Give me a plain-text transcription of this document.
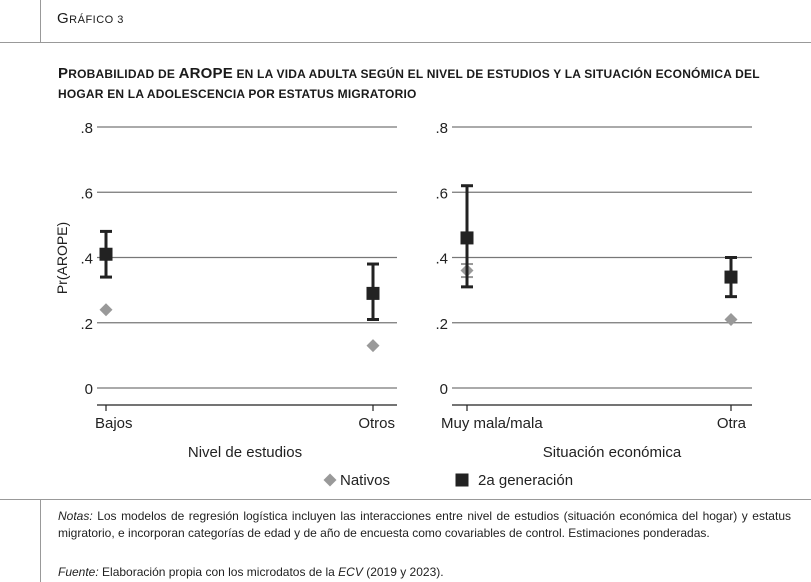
GRÁFICO 3
PROBABILIDAD DE AROPE EN LA VIDA ADULTA SEGÚN EL NIVEL DE ESTUDIOS Y LA SITUACIÓN ECONÓMICA DEL HOGAR EN LA ADOLESCENCIA POR ESTATUS MIGRATORIO
0
.2
.4
.6
.8
Bajos	Otros
Nivel de estudios
0
.2
.4
.6
.8
Muy mala/mala	Otra
Situación económica
Pr(AROPE)
Nativos	2a generación
Notas: Los modelos de regresión logística incluyen las interacciones entre nivel de estudios (situación económica del hogar) y estatus migratorio, e incorporan categorías de edad y de año de encuesta como covariables de control. Estimaciones ponderadas.
Fuente: Elaboración propia con los microdatos de la ECV (2019 y 2023).
